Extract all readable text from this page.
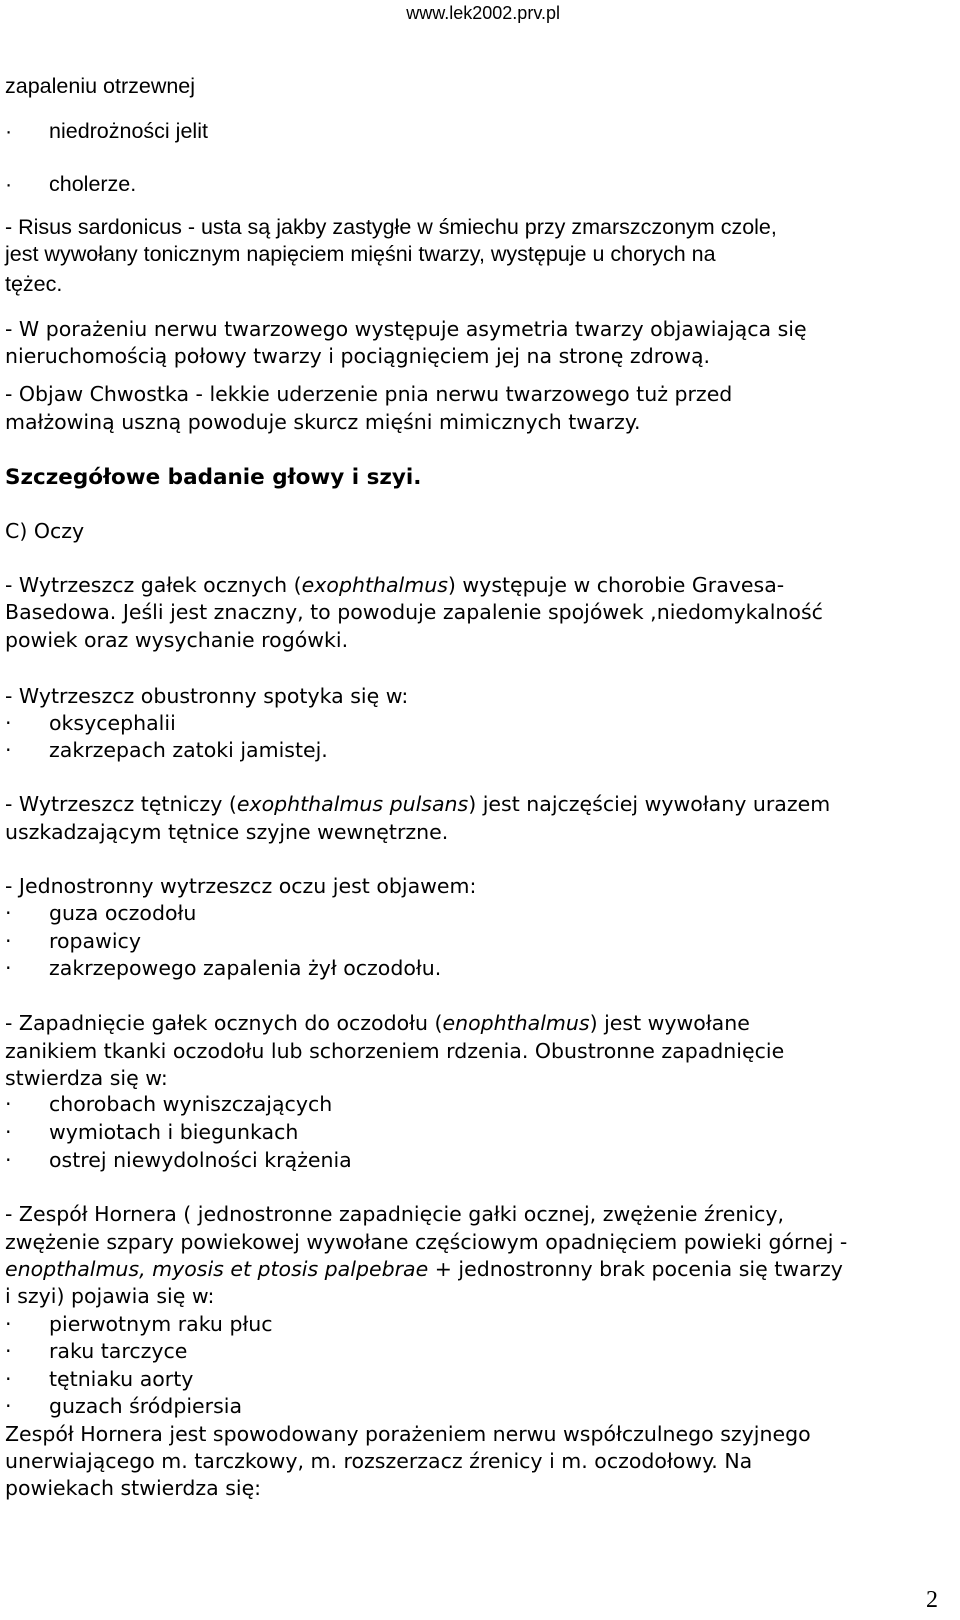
www.lek2002.prv.pl
zapaleniu otrzewnej
· niedrożności jelit
· cholerze.
- Risus sardonicus - usta są jakby zastygłe w śmiechu przy zmarszczonym czole,
jest wywołany tonicznym napięciem mięśni twarzy, występuje u chorych na
tężec.
- W porażeniu nerwu twarzowego występuje asymetria twarzy objawiająca się
nieruchomością połowy twarzy i pociągnięciem jej na stronę zdrową.
- Objaw Chwostka - lekkie uderzenie pnia nerwu twarzowego tuż przed
małżowiną uszną powoduje skurcz mięśni mimicznych twarzy.
Szczegółowe badanie głowy i szyi.
C) Oczy
- Wytrzeszcz gałek ocznych (exophthalmus) występuje w chorobie Gravesa-
Basedowa. Jeśli jest znaczny, to powoduje zapalenie spojówek ,niedomykalność
powiek oraz wysychanie rogówki.
- Wytrzeszcz obustronny spotyka się w:
· oksycephalii
· zakrzepach zatoki jamistej.
- Wytrzeszcz tętniczy (exophthalmus pulsans) jest najczęściej wywołany urazem
uszkadzającym tętnice szyjne wewnętrzne.
- Jednostronny wytrzeszcz oczu jest objawem:
· guza oczodołu
· ropawicy
· zakrzepowego zapalenia żył oczodołu.
- Zapadnięcie gałek ocznych do oczodołu (enophthalmus) jest wywołane
zanikiem tkanki oczodołu lub schorzeniem rdzenia. Obustronne zapadnięcie
stwierdza się w:
· chorobach wyniszczających
· wymiotach i biegunkach
· ostrej niewydolności krążenia
- Zespół Hornera ( jednostronne zapadnięcie gałki ocznej, zwężenie źrenicy,
zwężenie szpary powiekowej wywołane częściowym opadnięciem powieki górnej -
enopthalmus, myosis et ptosis palpebrae + jednostronny brak pocenia się twarzy
i szyi) pojawia się w:
· pierwotnym raku płuc
· raku tarczyce
· tętniaku aorty
· guzach śródpiersia
Zespół Hornera jest spowodowany porażeniem nerwu współczulnego szyjnego
unerwiającego m. tarczkowy, m. rozszerzacz źrenicy i m. oczodołowy. Na
powiekach stwierdza się:
2
